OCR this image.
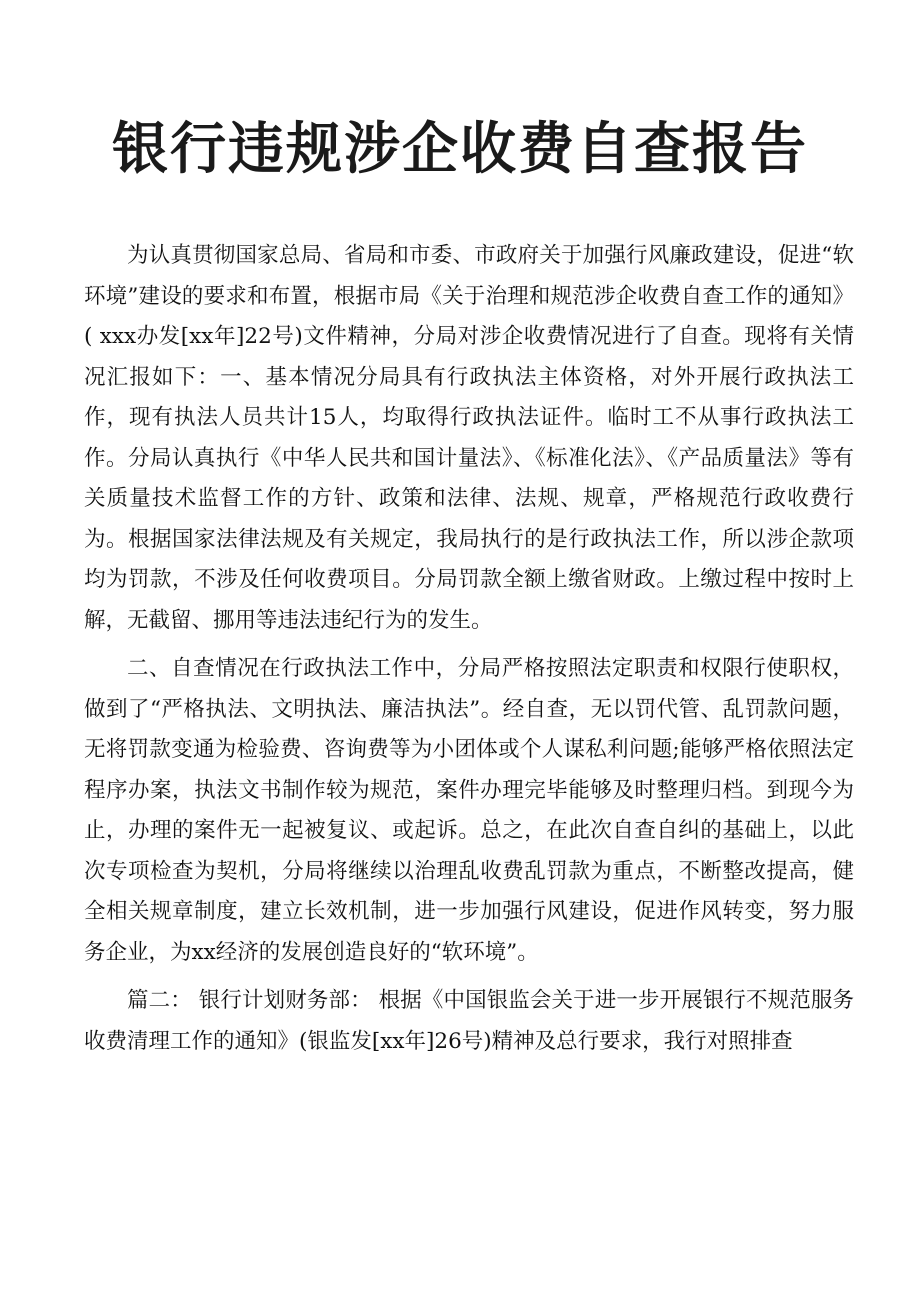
银行违规涉企收费自查报告

为认真贯彻国家总局、省局和市委、市政府关于加强行风廉政建设，促进“软环境”建设的要求和布置，根据市局《关于治理和规范涉企收费自查工作的通知》( xxx办发[xx年]22号)文件精神，分局对涉企收费情况进行了自查。现将有关情况汇报如下：一、基本情况分局具有行政执法主体资格，对外开展行政执法工作，现有执法人员共计15人，均取得行政执法证件。临时工不从事行政执法工作。分局认真执行《中华人民共和国计量法》、《标准化法》、《产品质量法》等有关质量技术监督工作的方针、政策和法律、法规、规章，严格规范行政收费行为。根据国家法律法规及有关规定，我局执行的是行政执法工作，所以涉企款项均为罚款，不涉及任何收费项目。分局罚款全额上缴省财政。上缴过程中按时上解，无截留、挪用等违法违纪行为的发生。

二、自查情况在行政执法工作中，分局严格按照法定职责和权限行使职权，做到了“严格执法、文明执法、廉洁执法”。经自查，无以罚代管、乱罚款问题，无将罚款变通为检验费、咨询费等为小团体或个人谋私利问题;能够严格依照法定程序办案，执法文书制作较为规范，案件办理完毕能够及时整理归档。到现今为止，办理的案件无一起被复议、或起诉。总之，在此次自查自纠的基础上，以此次专项检查为契机，分局将继续以治理乱收费乱罚款为重点，不断整改提高，健全相关规章制度，建立长效机制，进一步加强行风建设，促进作风转变，努力服务企业，为xx经济的发展创造良好的“软环境”。

篇二： 银行计划财务部： 根据《中国银监会关于进一步开展银行不规范服务收费清理工作的通知》(银监发[xx年]26号)精神及总行要求，我行对照排查
